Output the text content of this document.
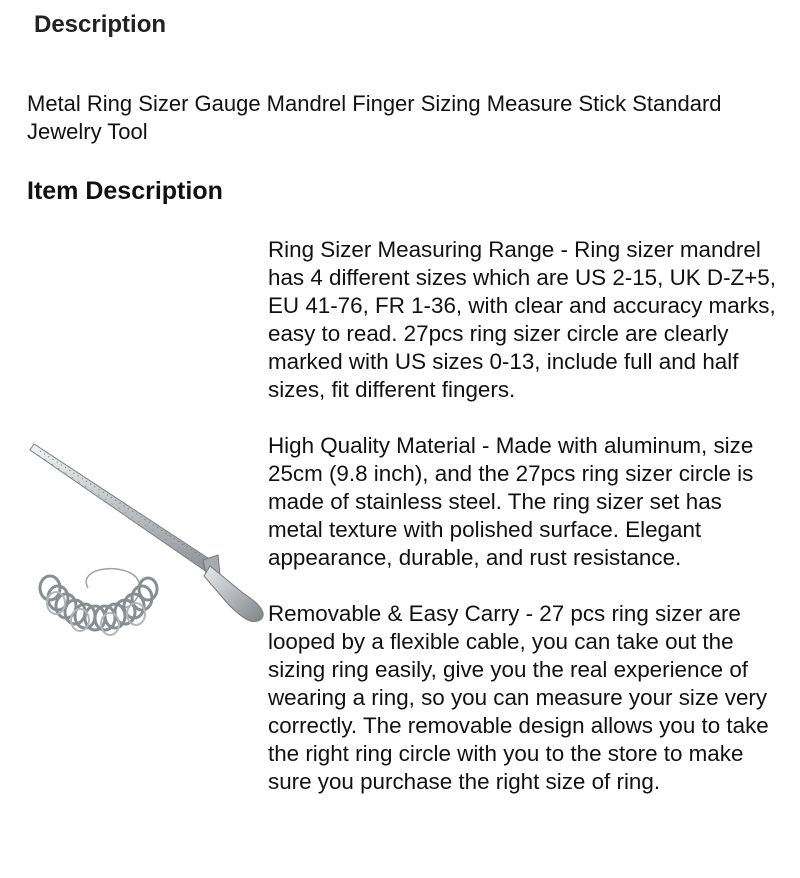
Description

Metal Ring Sizer Gauge Mandrel Finger Sizing Measure Stick Standard Jewelry Tool

Item Description

Ring Sizer Measuring Range - Ring sizer mandrel has 4 different sizes which are US 2-15, UK D-Z+5, EU 41-76, FR 1-36, with clear and accuracy marks, easy to read. 27pcs ring sizer circle are clearly marked with US sizes 0-13, include full and half sizes, fit different fingers.

High Quality Material - Made with aluminum, size 25cm (9.8 inch), and the 27pcs ring sizer circle is made of stainless steel. The ring sizer set has metal texture with polished surface. Elegant appearance, durable, and rust resistance.

Removable & Easy Carry - 27 pcs ring sizer are looped by a flexible cable, you can take out the sizing ring easily, give you the real experience of wearing a ring, so you can measure your size very correctly. The removable design allows you to take the right ring circle with you to the store to make sure you purchase the right size of ring.
